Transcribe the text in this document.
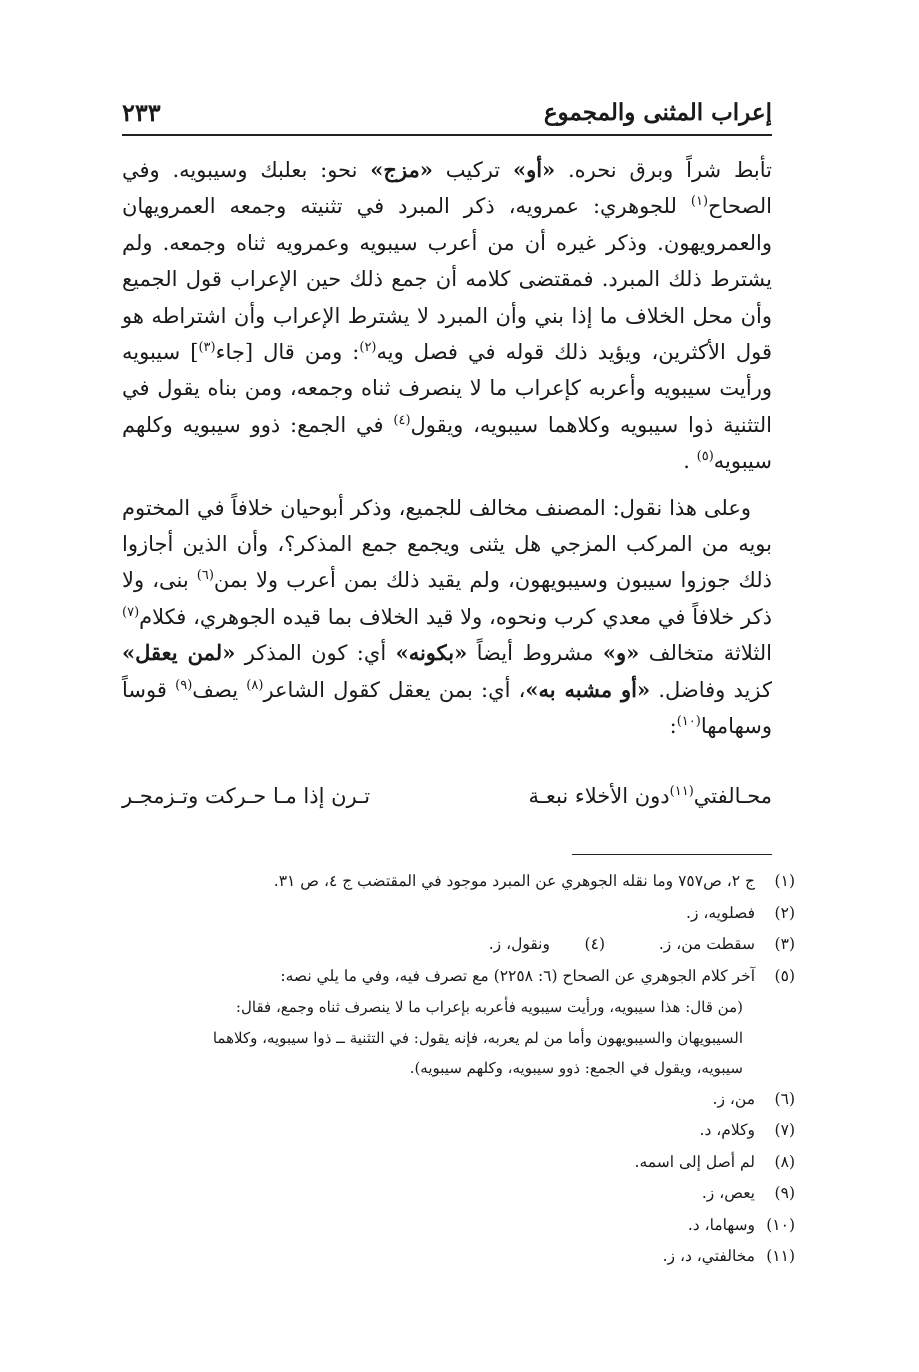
إعراب المثنى والمجموع
٢٣٣

تأبط شراً وبرق نحره. «أو» تركيب «مزج» نحو: بعلبك وسيبويه. وفي الصحاح$^{(١)}$ للجوهري: عمرويه، ذكر المبرد في تثنيته وجمعه العمرويهان والعمرويهون. وذكر غيره أن من أعرب سيبويه وعمرويه ثناه وجمعه. ولم يشترط ذلك المبرد. فمقتضى كلامه أن جمع ذلك حين الإعراب قول الجميع وأن محل الخلاف ما إذا بني وأن المبرد لا يشترط الإعراب وأن اشتراطه هو قول الأكثرين، ويؤيد ذلك قوله في فصل ويه$^{(٢)}$: ومن قال [جاء$^{(٣)}$] سيبويه ورأيت سيبويه وأعربه كإعراب ما لا ينصرف ثناه وجمعه، ومن بناه يقول في التثنية ذوا سيبويه وكلاهما سيبويه، ويقول$^{(٤)}$ في الجمع: ذوو سيبويه وكلهم سيبويه$^{(٥)}$ .

 وعلى هذا نقول: المصنف مخالف للجميع، وذكر أبوحيان خلافاً في المختوم بويه من المركب المزجي هل يثنى ويجمع جمع المذكر؟، وأن الذين أجازوا ذلك جوزوا سيبون وسيبويهون، ولم يقيد ذلك بمن أعرب ولا بمن$^{(٦)}$ بنى، ولا ذكر خلافاً في معدي كرب ونحوه، ولا قيد الخلاف بما قيده الجوهري، فكلام$^{(٧)}$ الثلاثة متخالف «و» مشروط أيضاً «بكونه» أي: كون المذكر «لمن يعقل» كزيد وفاضل. «أو مشبه به»، أي: بمن يعقل كقول الشاعر$^{(٨)}$ يصف$^{(٩)}$ قوساً وسهامها$^{(١٠)}$:

محـالفتي$^{(١١)}$دون الأخلاء نبعـة
تـرن إذا مـا حـركت وتـزمجـر
(١)
ج ٢، ص٧٥٧ وما نقله الجوهري عن المبرد موجود في المقتضب ج ٤، ص ٣١.
(٢)
فصلويه، ز.
(٣)
سقطت من، ز.
(٤)
ونقول، ز.
(٥)
آخر كلام الجوهري عن الصحاح (٦: ٢٢٥٨) مع تصرف فيه، وفي ما يلي نصه:
(من قال: هذا سيبويه، ورأيت سيبويه فأعربه بإعراب ما لا ينصرف ثناه وجمع، فقال:
السيبويهان والسيبويهون وأما من لم يعربه، فإنه يقول: في التثنية ــ ذوا سيبويه، وكلاهما
سيبويه، ويقول في الجمع: ذوو سيبويه، وكلهم سيبويه).
(٦)
من، ز.
(٧)
وكلام، د.
(٨)
لم أصل إلى اسمه.
(٩)
يعص، ز.
(١٠)
وسهاما، د.
(١١)
مخالفتي، د، ز.
